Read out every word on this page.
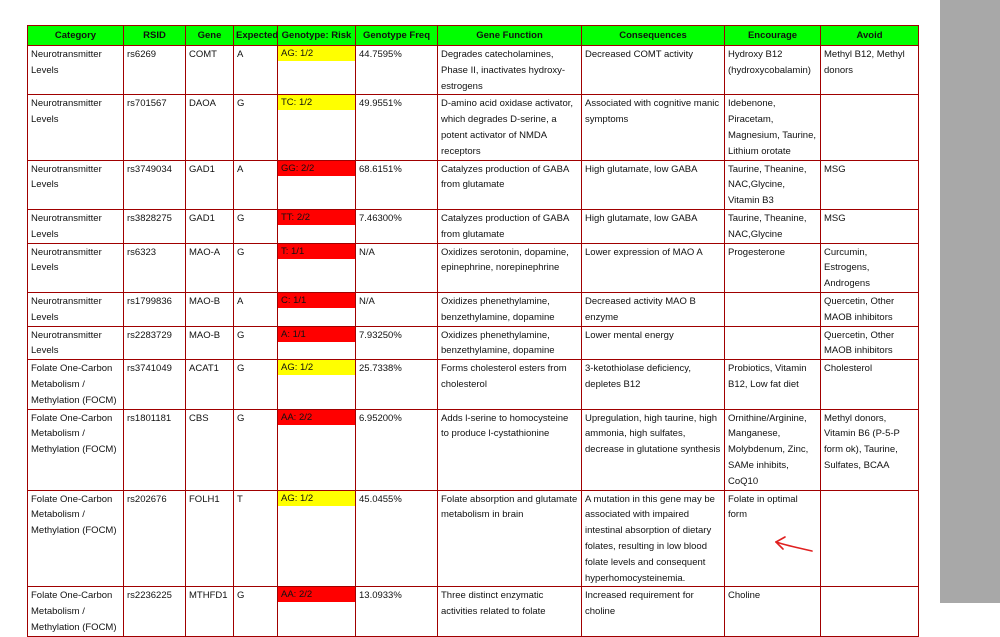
Category	RSID	Gene	Expected	Genotype: Risk	Genotype Freq	Gene Function	Consequences	Encourage	Avoid
Neurotransmitter Levels	rs6269	COMT	A	AG: 1/2	44.7595%	Degrades catecholamines, Phase II, inactivates hydroxy-estrogens	Decreased COMT activity	Hydroxy B12 (hydroxycobalamin)	Methyl B12, Methyl donors
Neurotransmitter Levels	rs701567	DAOA	G	TC: 1/2	49.9551%	D-amino acid oxidase activator, which degrades D-serine, a potent activator of NMDA receptors	Associated with cognitive manic symptoms	Idebenone, Piracetam, Magnesium, Taurine, Lithium orotate	
Neurotransmitter Levels	rs3749034	GAD1	A	GG: 2/2	68.6151%	Catalyzes production of GABA from glutamate	High glutamate, low GABA	Taurine, Theanine, NAC,Glycine, Vitamin B3	MSG
Neurotransmitter Levels	rs3828275	GAD1	G	TT: 2/2	7.46300%	Catalyzes production of GABA from glutamate	High glutamate, low GABA	Taurine, Theanine, NAC,Glycine	MSG
Neurotransmitter Levels	rs6323	MAO-A	G	T: 1/1	N/A	Oxidizes serotonin, dopamine, epinephrine, norepinephrine	Lower expression of MAO A	Progesterone	Curcumin, Estrogens, Androgens
Neurotransmitter Levels	rs1799836	MAO-B	A	C: 1/1	N/A	Oxidizes phenethylamine, benzethylamine, dopamine	Decreased activity MAO B enzyme		Quercetin, Other MAOB inhibitors
Neurotransmitter Levels	rs2283729	MAO-B	G	A: 1/1	7.93250%	Oxidizes phenethylamine, benzethylamine, dopamine	Lower mental energy		Quercetin, Other MAOB inhibitors
Folate One-Carbon Metabolism / Methylation (FOCM)	rs3741049	ACAT1	G	AG: 1/2	25.7338%	Forms cholesterol esters from cholesterol	3-ketothiolase deficiency, depletes B12	Probiotics, Vitamin B12, Low fat diet	Cholesterol
Folate One-Carbon Metabolism / Methylation (FOCM)	rs1801181	CBS	G	AA: 2/2	6.95200%	Adds l-serine to homocysteine to produce l-cystathionine	Upregulation, high taurine, high ammonia, high sulfates, decrease in glutatione synthesis	Ornithine/Arginine, Manganese, Molybdenum, Zinc, SAMe inhibits, CoQ10	Methyl donors, Vitamin B6 (P-5-P form ok), Taurine, Sulfates, BCAA
Folate One-Carbon Metabolism / Methylation (FOCM)	rs202676	FOLH1	T	AG: 1/2	45.0455%	Folate absorption and glutamate metabolism in brain	A mutation in this gene may be associated with impaired intestinal absorption of dietary folates, resulting in low blood folate levels and consequent hyperhomocysteinemia.	Folate in optimal form	
Folate One-Carbon Metabolism / Methylation (FOCM)	rs2236225	MTHFD1	G	AA: 2/2	13.0933%	Three distinct enzymatic activities related to folate	Increased requirement for choline	Choline	
